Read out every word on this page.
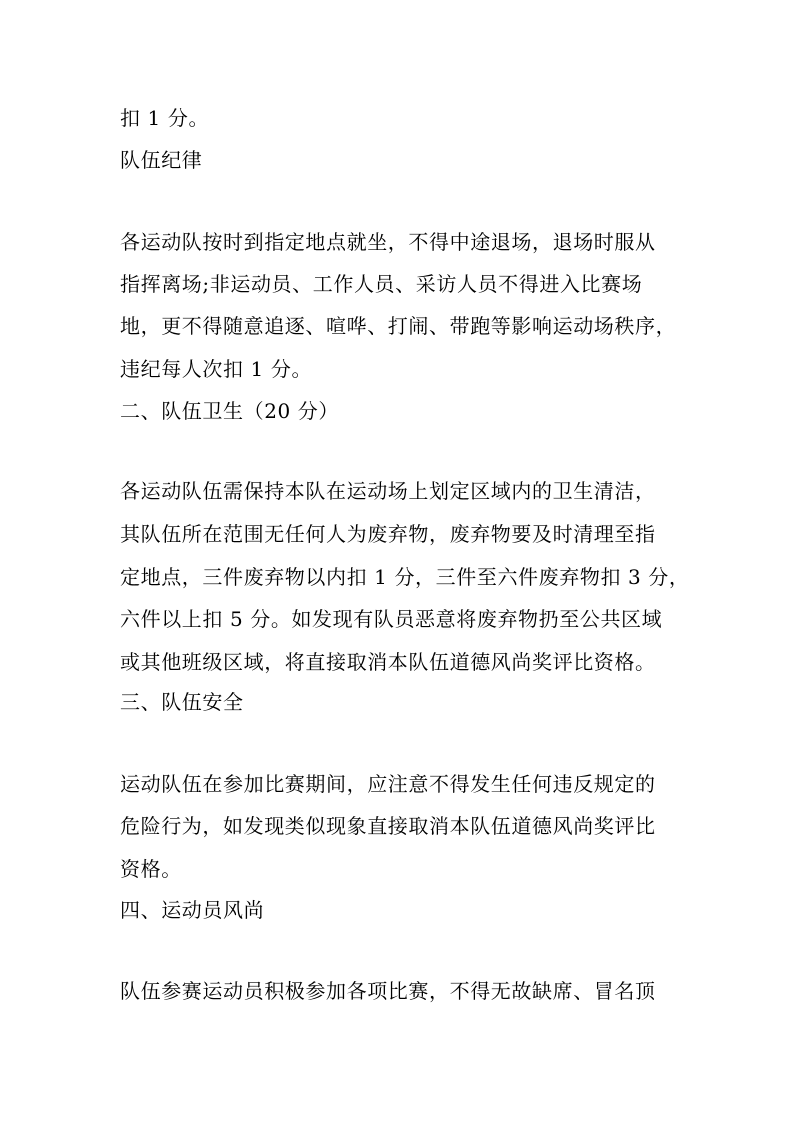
扣 1 分。
队伍纪律
各运动队按时到指定地点就坐，不得中途退场，退场时服从
指挥离场;非运动员、工作人员、采访人员不得进入比赛场
地，更不得随意追逐、喧哗、打闹、带跑等影响运动场秩序，
违纪每人次扣 1 分。
二、队伍卫生（20 分）
各运动队伍需保持本队在运动场上划定区域内的卫生清洁，
其队伍所在范围无任何人为废弃物，废弃物要及时清理至指
定地点，三件废弃物以内扣 1 分，三件至六件废弃物扣 3 分，
六件以上扣 5 分。如发现有队员恶意将废弃物扔至公共区域
或其他班级区域，将直接取消本队伍道德风尚奖评比资格。
三、队伍安全
运动队伍在参加比赛期间，应注意不得发生任何违反规定的
危险行为，如发现类似现象直接取消本队伍道德风尚奖评比
资格。
四、运动员风尚
队伍参赛运动员积极参加各项比赛，不得无故缺席、冒名顶
